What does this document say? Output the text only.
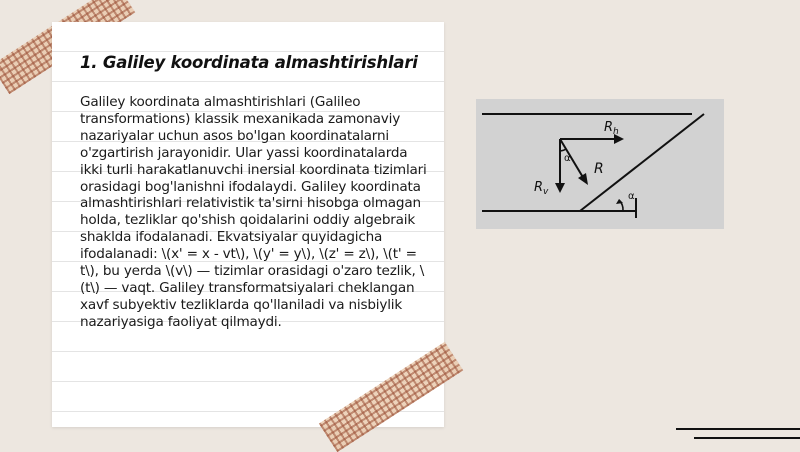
1. Galiley koordinata almashtirishlari
Galiley koordinata almashtirishlari (Galileo transformations) klassik mexanikada zamonaviy nazariyalar uchun asos bo'lgan koordinatalarni o'zgartirish jarayonidir. Ular yassi koordinatalarda ikki turli harakatlanuvchi inersial koordinata tizimlari orasidagi bog'lanishni ifodalaydi. Galiley koordinata almashtirishlari relativistik ta'sirni hisobga olmagan holda, tezliklar qo'shish qoidalarini oddiy algebraik shaklda ifodalanadi. Ekvatsiyalar quyidagicha ifodalanadi: \(x' = x - vt\), \(y' = y\), \(z' = z\), \(t' = t\), bu yerda \(v\) — tizimlar orasidagi o'zaro tezlik, \(t\) — vaqt. Galiley transformatsiyalari cheklangan xavf subyektiv tezliklarda qo'llaniladi va nisbiylik nazariyasiga faoliyat qilmaydi.
$R_h$
$R_v$
R
α
α
